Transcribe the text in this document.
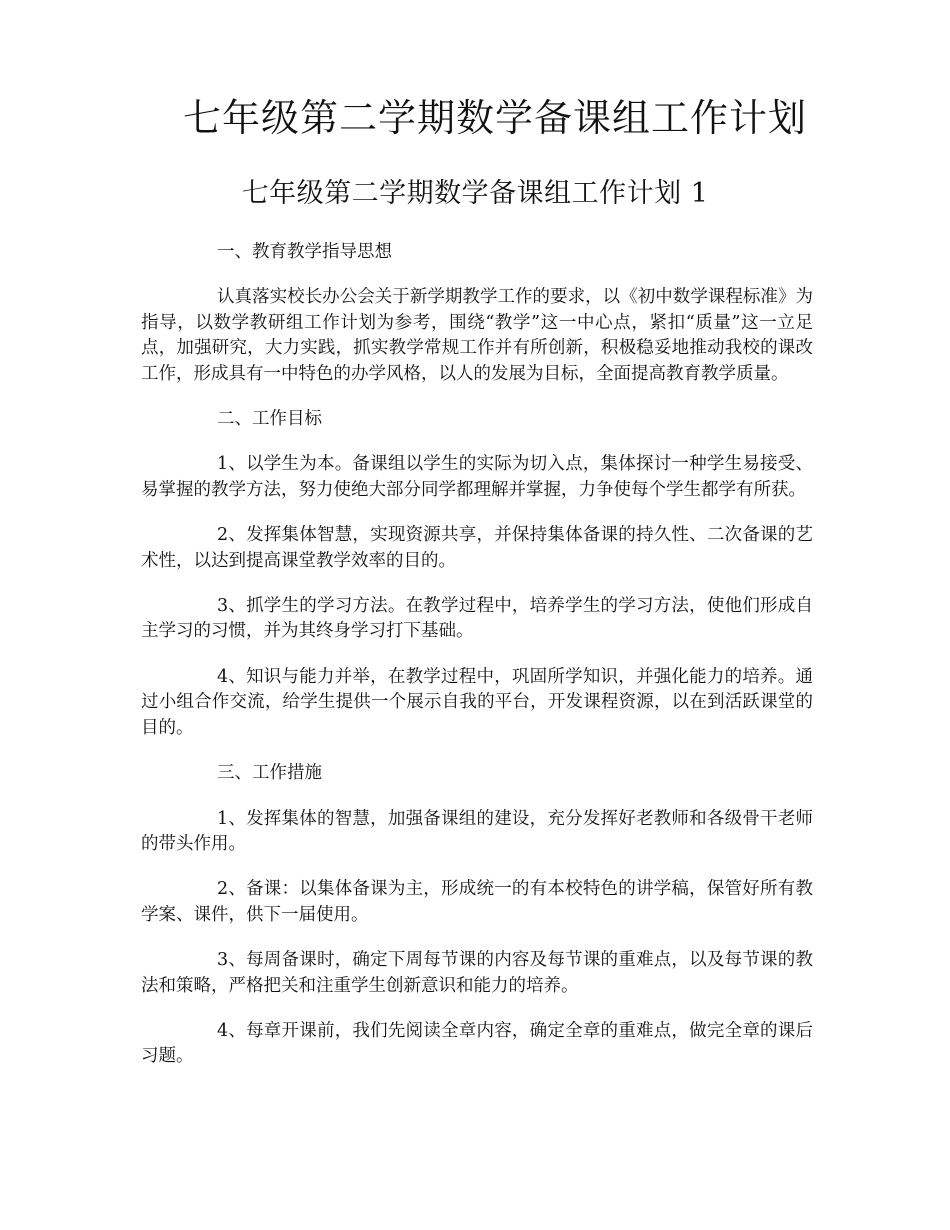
七年级第二学期数学备课组工作计划
七年级第二学期数学备课组工作计划 1

一、教育教学指导思想

认真落实校长办公会关于新学期教学工作的要求，以《初中数学课程标准》为指导，以数学教研组工作计划为参考，围绕“教学”这一中心点，紧扣“质量”这一立足点，加强研究，大力实践，抓实教学常规工作并有所创新，积极稳妥地推动我校的课改工作，形成具有一中特色的办学风格，以人的发展为目标，全面提高教育教学质量。

二、工作目标

1、以学生为本。备课组以学生的实际为切入点，集体探讨一种学生易接受、易掌握的教学方法，努力使绝大部分同学都理解并掌握，力争使每个学生都学有所获。

2、发挥集体智慧，实现资源共享，并保持集体备课的持久性、二次备课的艺术性，以达到提高课堂教学效率的目的。

3、抓学生的学习方法。在教学过程中，培养学生的学习方法，使他们形成自主学习的习惯，并为其终身学习打下基础。

4、知识与能力并举，在教学过程中，巩固所学知识，并强化能力的培养。通过小组合作交流，给学生提供一个展示自我的平台，开发课程资源，以在到活跃课堂的目的。

三、工作措施

1、发挥集体的智慧，加强备课组的建设，充分发挥好老教师和各级骨干老师的带头作用。

2、备课：以集体备课为主，形成统一的有本校特色的讲学稿，保管好所有教学案、课件，供下一届使用。

3、每周备课时，确定下周每节课的内容及每节课的重难点，以及每节课的教法和策略，严格把关和注重学生创新意识和能力的培养。

4、每章开课前，我们先阅读全章内容，确定全章的重难点，做完全章的课后习题。
